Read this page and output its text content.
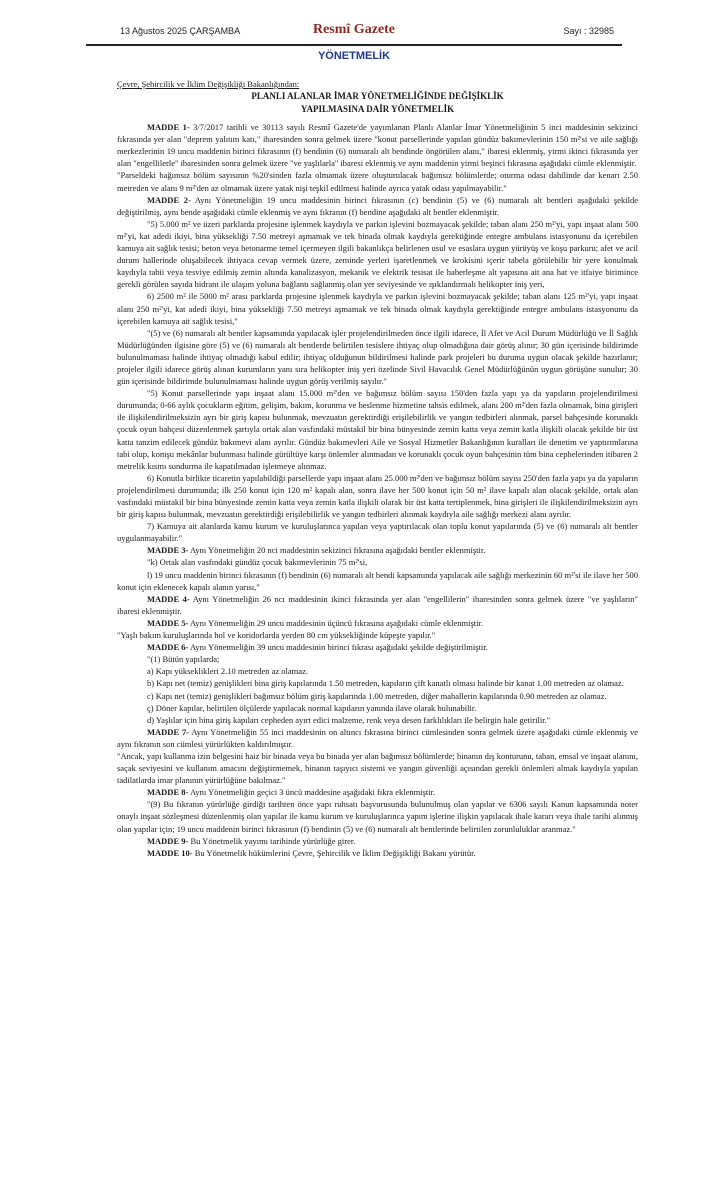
13 Ağustos 2025 ÇARŞAMBA	Resmî Gazete	Sayı : 32985
YÖNETMELİK

Çevre, Şehircilik ve İklim Değişikliği Bakanlığından:

PLANLI ALANLAR İMAR YÖNETMELİĞİNDE DEĞİŞİKLİK
YAPILMASINA DAİR YÖNETMELİK

MADDE 1- 3/7/2017 tarihli ve 30113 sayılı Resmî Gazete'de yayımlanan Planlı Alanlar İmar Yönetmeliğinin 5 inci maddesinin sekizinci fıkrasında yer alan "deprem yalıtım katı," ibaresinden sonra gelmek üzere "konut parsellerinde yapılan gündüz bakımevlerinin 150 m²'si ve aile sağlığı merkezlerinin 19 uncu maddenin birinci fıkrasının (f) bendinin (6) numaralı alt bendinde öngörülen alanı," ibaresi eklenmiş, yirmi ikinci fıkrasında yer alan "engellilerle" ibaresinden sonra gelmek üzere "ve yaşlılarla" ibaresi eklenmiş ve aynı maddenin yirmi beşinci fıkrasına aşağıdaki cümle eklenmiştir.

"Parseldeki bağımsız bölüm sayısının %20'sinden fazla olmamak üzere oluşturulacak bağımsız bölümlerde; oturma odası dahilinde dar kenarı 2.50 metreden ve alanı 9 m²'den az olmamak üzere yatak nişi teşkil edilmesi halinde ayrıca yatak odası yapılmayabilir."

MADDE 2- Aynı Yönetmeliğin 19 uncu maddesinin birinci fıkrasının (c) bendinin (5) ve (6) numaralı alt bentleri aşağıdaki şekilde değiştirilmiş, aynı bende aşağıdaki cümle eklenmiş ve aynı fıkranın (f) bendine aşağıdaki alt bentler eklenmiştir.

"5) 5.000 m² ve üzeri parklarda projesine işlenmek kaydıyla ve parkın işlevini bozmayacak şekilde; taban alanı 250 m²'yi, yapı inşaat alanı 500 m²'yi, kat adedi ikiyi, bina yüksekliği 7.50 metreyi aşmamak ve tek binada olmak kaydıyla gerektiğinde entegre ambulans istasyonunu da içerebilen kamuya ait sağlık tesisi; beton veya betonarme temel içermeyen ilgili bakanlıkça belirlenen usul ve esaslara uygun yürüyüş ve koşu parkuru; afet ve acil durum hallerinde oluşabilecek ihtiyaca cevap vermek üzere, zeminde yerleri işaretlenmek ve krokisini içerir tabela görülebilir bir yere konulmak kaydıyla tabii veya tesviye edilmiş zemin altında kanalizasyon, mekanik ve elektrik tesisat ile haberleşme alt yapısına ait ana hat ve itfaiye birimince gerekli görülen sayıda hidrant ile ulaşım yoluna bağlantı sağlanmış olan yer seviyesinde ve ışıklandırmalı helikopter iniş yeri,

6) 2500 m² ile 5000 m² arası parklarda projesine işlenmek kaydıyla ve parkın işlevini bozmayacak şekilde; taban alanı 125 m²'yi, yapı inşaat alanı 250 m²'yi, kat adedi ikiyi, bina yüksekliği 7.50 metreyi aşmamak ve tek binada olmak kaydıyla gerektiğinde entegre ambulans istasyonunu da içerebilen kamuya ait sağlık tesisi,"

"(5) ve (6) numaralı alt bentler kapsamında yapılacak işler projelendirilmeden önce ilgili idarece, İl Afet ve Acil Durum Müdürlüğü ve İl Sağlık Müdürlüğünden ilgisine göre (5) ve (6) numaralı alt bentlerde belirtilen tesislere ihtiyaç olup olmadığına dair görüş alınır; 30 gün içerisinde bildirimde bulunulmaması halinde ihtiyaç olmadığı kabul edilir; ihtiyaç olduğunun bildirilmesi halinde park projeleri bu duruma uygun olacak şekilde hazırlanır; projeler ilgili idarece görüş alınan kurumların yanı sıra helikopter iniş yeri özelinde Sivil Havacılık Genel Müdürlüğünün uygun görüşüne sunulur; 30 gün içerisinde bildirimde bulunulmaması halinde uygun görüş verilmiş sayılır."

"5) Konut parsellerinde yapı inşaat alanı 15.000 m²'den ve bağımsız bölüm sayısı 150'den fazla yapı ya da yapıların projelendirilmesi durumunda; 0-66 aylık çocukların eğitim, gelişim, bakım, korunma ve beslenme hizmetine tahsis edilmek, alanı 200 m²'den fazla olmamak, bina girişleri ile ilişkilendirilmeksizin ayrı bir giriş kapısı bulunmak, mevzuatın gerektirdiği erişilebilirlik ve yangın tedbirleri alınmak, parsel bahçesinde korunaklı çocuk oyun bahçesi düzenlenmek şartıyla ortak alan vasfındaki müstakil bir bina bünyesinde zemin katta veya zemin katla ilişkili olacak şekilde bir üst katta tanzim edilecek gündüz bakımevi alanı ayrılır. Gündüz bakımevleri Aile ve Sosyal Hizmetler Bakanlığının kuralları ile denetim ve yaptırımlarına tabi olup, komşu mekânlar bulunması halinde gürültüye karşı önlemler alınmadan ve korunaklı çocuk oyun bahçesinin tüm bina cephelerinden itibaren 2 metrelik kısmı sundurma ile kapatılmadan işletmeye alınmaz.

6) Konutla birlikte ticaretin yapılabildiği parsellerde yapı inşaat alanı 25.000 m²'den ve bağımsız bölüm sayısı 250'den fazla yapı ya da yapıların projelendirilmesi durumunda; ilk 250 konut için 120 m² kapalı alan, sonra ilave her 500 konut için 50 m² ilave kapalı alan olacak şekilde, ortak alan vasfındaki müstakil bir bina bünyesinde zemin katta veya zemin katla ilişkili olarak bir üst katta tertiplenmek, bina girişleri ile ilişkilendirilmeksizin ayrı bir giriş kapısı bulunmak, mevzuatın gerektirdiği erişilebilirlik ve yangın tedbirleri alınmak kaydıyla aile sağlığı merkezi alanı ayrılır.

7) Kamuya ait alanlarda kamu kurum ve kuruluşlarınca yapılan veya yaptırılacak olan toplu konut yapılarında (5) ve (6) numaralı alt bentler uygulanmayabilir."

MADDE 3- Aynı Yönetmeliğin 20 nci maddesinin sekizinci fıkrasına aşağıdaki bentler eklenmiştir.

"k) Ortak alan vasfındaki gündüz çocuk bakımevlerinin 75 m²'si,

l) 19 uncu maddenin birinci fıkrasının (f) bendinin (6) numaralı alt bendi kapsamında yapılacak aile sağlığı merkezinin 60 m²'si ile ilave her 500 konut için eklenecek kapalı alanın yarısı,"

MADDE 4- Aynı Yönetmeliğin 26 ncı maddesinin ikinci fıkrasında yer alan "engellilerin" ibaresinden sonra gelmek üzere "ve yaşlıların" ibaresi eklenmiştir.

MADDE 5- Aynı Yönetmeliğin 29 uncu maddesinin üçüncü fıkrasına aşağıdaki cümle eklenmiştir.

"Yaşlı bakım kuruluşlarında hol ve koridorlarda yerden 80 cm yüksekliğinde küpeşte yapılır."

MADDE 6- Aynı Yönetmeliğin 39 uncu maddesinin birinci fıkrası aşağıdaki şekilde değiştirilmiştir.

"(1) Bütün yapılarda;

a) Kapı yükseklikleri 2.10 metreden az olamaz.

b) Kapı net (temiz) genişlikleri bina giriş kapılarında 1.50 metreden, kapıların çift kanatlı olması halinde bir kanat 1.00 metreden az olamaz.

c) Kapı net (temiz) genişlikleri bağımsız bölüm giriş kapılarında 1.00 metreden, diğer mahallerin kapılarında 0.90 metreden az olamaz.

ç) Döner kapılar, belirtilen ölçülerde yapılacak normal kapıların yanında ilave olarak bulunabilir.

d) Yaşlılar için bina giriş kapıları cepheden ayırt edici malzeme, renk veya desen farklılıkları ile belirgin hale getirilir."

MADDE 7- Aynı Yönetmeliğin 55 inci maddesinin on altıncı fıkrasına birinci cümlesinden sonra gelmek üzere aşağıdaki cümle eklenmiş ve aynı fıkranın son cümlesi yürürlükten kaldırılmıştır.

"Ancak, yapı kullanma izin belgesini haiz bir binada veya bu binada yer alan bağımsız bölümlerde; binanın dış konturunu, taban, emsal ve inşaat alanını, saçak seviyesini ve kullanım amacını değiştirmemek, binanın taşıyıcı sistemi ve yangın güvenliği açısından gerekli önlemleri almak kaydıyla yapılan tadilatlarda imar planının yürürlüğüne bakılmaz."

MADDE 8- Aynı Yönetmeliğin geçici 3 üncü maddesine aşağıdaki fıkra eklenmiştir.

"(9) Bu fıkranın yürürlüğe girdiği tarihten önce yapı ruhsatı başvurusunda bulunulmuş olan yapılar ve 6306 sayılı Kanun kapsamında noter onaylı inşaat sözleşmesi düzenlenmiş olan yapılar ile kamu kurum ve kuruluşlarınca yapım işlerine ilişkin yapılacak ihale kararı veya ihale tarihi alınmış olan yapılar için; 19 uncu maddenin birinci fıkrasının (f) bendinin (5) ve (6) numaralı alt bentlerinde belirtilen zorunluluklar aranmaz."

MADDE 9- Bu Yönetmelik yayımı tarihinde yürürlüğe girer.

MADDE 10- Bu Yönetmelik hükümlerini Çevre, Şehircilik ve İklim Değişikliği Bakanı yürütür.
